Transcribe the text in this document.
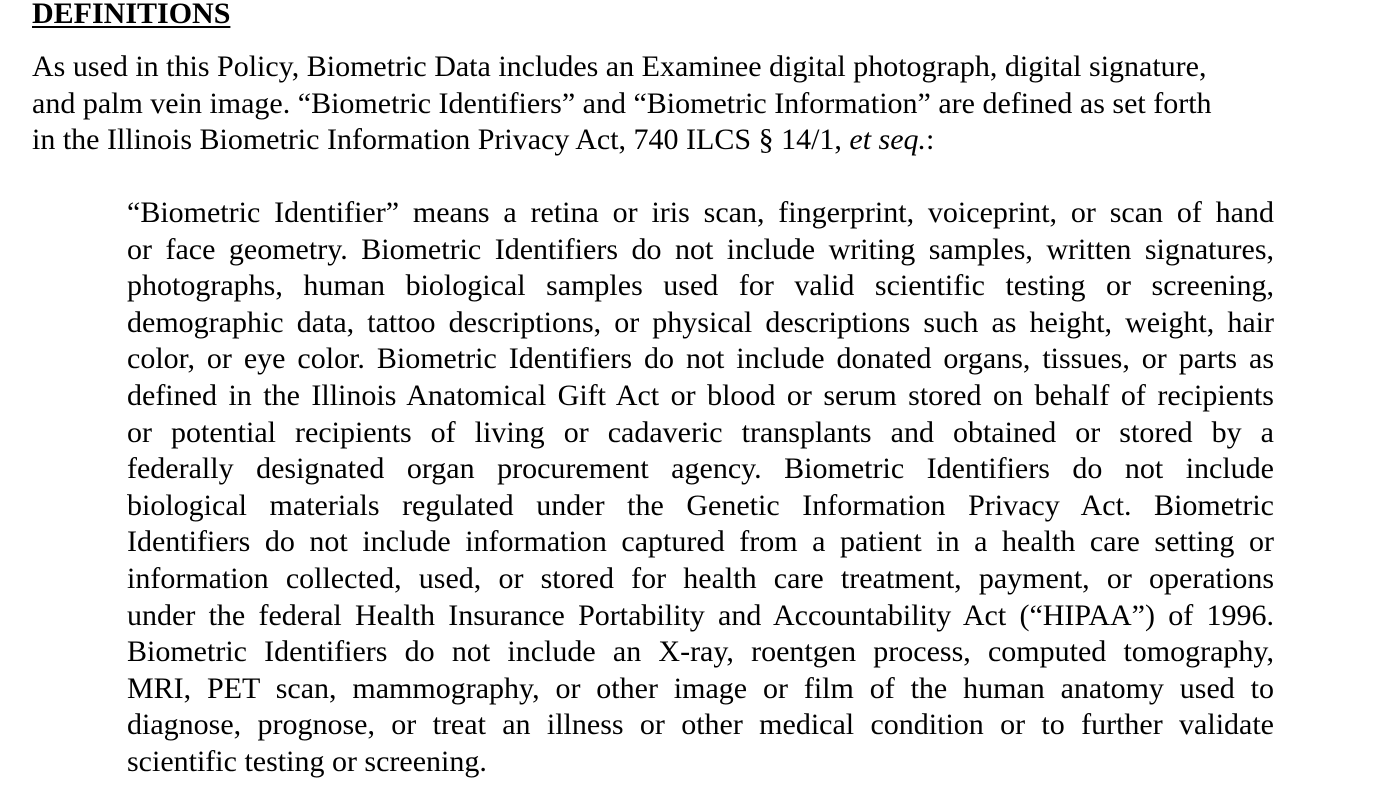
DEFINITIONS

As used in this Policy, Biometric Data includes an Examinee digital photograph, digital signature,
and palm vein image. “Biometric Identifiers” and “Biometric Information” are defined as set forth
in the Illinois Biometric Information Privacy Act, 740 ILCS § 14/1, et seq.:

“Biometric Identifier” means a retina or iris scan, fingerprint, voiceprint, or scan of hand
or face geometry. Biometric Identifiers do not include writing samples, written signatures,
photographs, human biological samples used for valid scientific testing or screening,
demographic data, tattoo descriptions, or physical descriptions such as height, weight, hair
color, or eye color. Biometric Identifiers do not include donated organs, tissues, or parts as
defined in the Illinois Anatomical Gift Act or blood or serum stored on behalf of recipients
or potential recipients of living or cadaveric transplants and obtained or stored by a
federally designated organ procurement agency. Biometric Identifiers do not include
biological materials regulated under the Genetic Information Privacy Act. Biometric
Identifiers do not include information captured from a patient in a health care setting or
information collected, used, or stored for health care treatment, payment, or operations
under the federal Health Insurance Portability and Accountability Act (“HIPAA”) of 1996.
Biometric Identifiers do not include an X-ray, roentgen process, computed tomography,
MRI, PET scan, mammography, or other image or film of the human anatomy used to
diagnose, prognose, or treat an illness or other medical condition or to further validate
scientific testing or screening.
